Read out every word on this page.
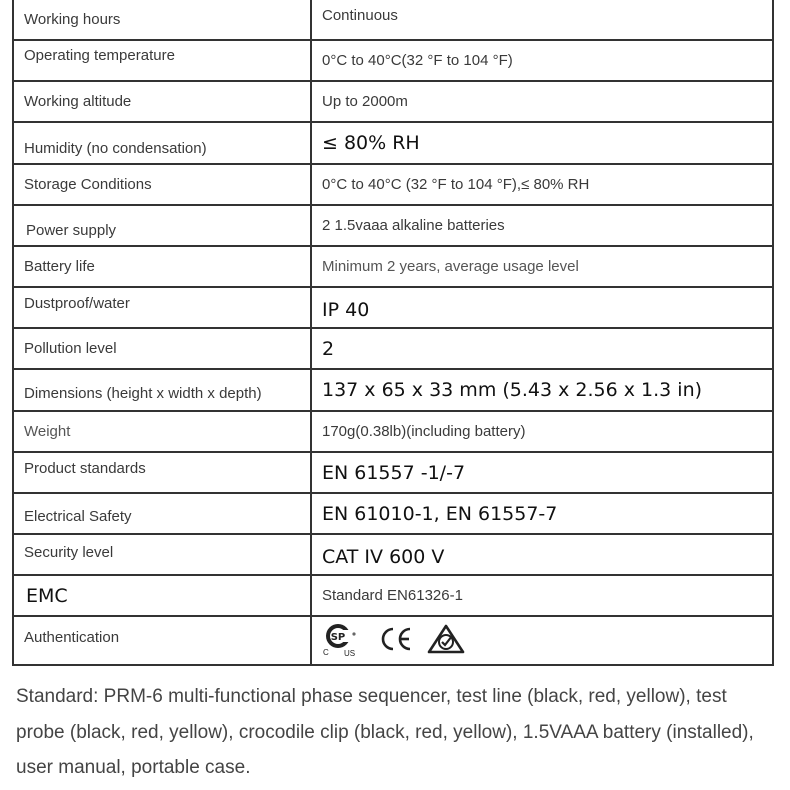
Working hours	Continuous
Operating temperature	0°C to 40°C(32 °F to 104 °F)
Working altitude	Up to 2000m
Humidity (no condensation)	≤ 80% RH
Storage Conditions	0°C to 40°C (32 °F to 104 °F),≤ 80% RH
Power supply	2 1.5vaaa alkaline batteries
Battery life	Minimum 2 years, average usage level
Dustproof/water	IP 40
Pollution level	2
Dimensions (height x width x depth)	137 x 65 x 33 mm (5.43 x 2.56 x 1.3 in)
Weight	170g(0.38lb)(including battery)
Product standards	EN 61557 -1/-7
Electrical Safety	EN 61010-1, EN 61557-7
Security level	CAT IV 600 V
EMC	Standard EN61326-1
Authentication	SP
C US

Standard: PRM-6 multi-functional phase sequencer, test line (black, red, yellow), test probe (black, red, yellow), crocodile clip (black, red, yellow), 1.5VAAA battery (installed), user manual, portable case.
